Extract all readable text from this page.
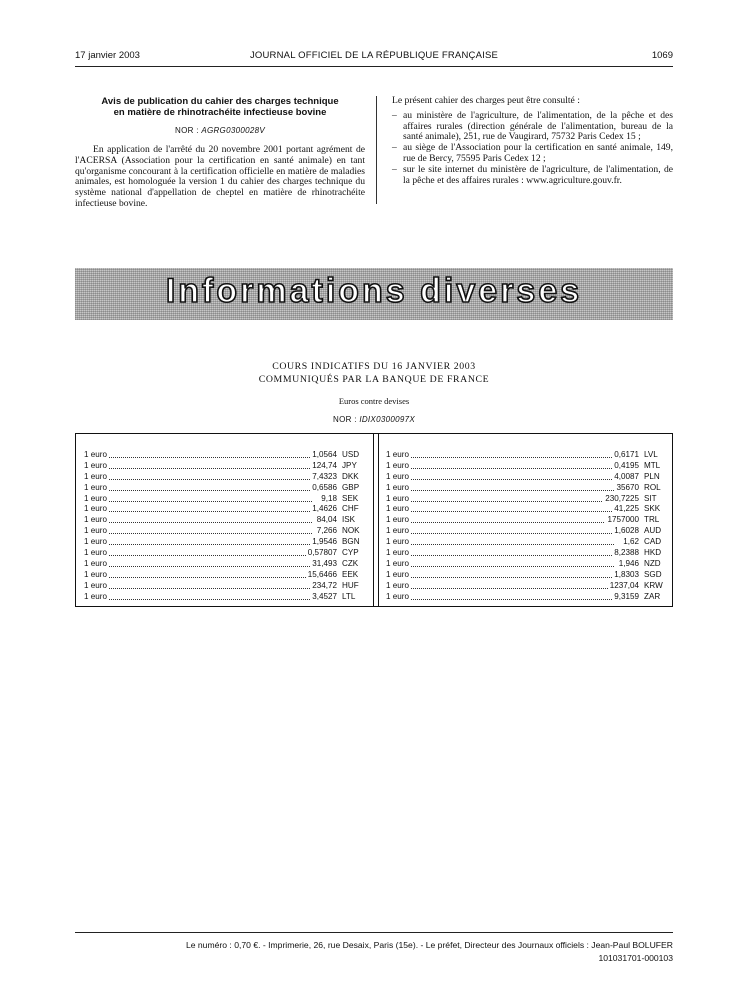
17 janvier 2003	JOURNAL OFFICIEL DE LA RÉPUBLIQUE FRANÇAISE	1069
Avis de publication du cahier des charges technique
en matière de rhinotrachéite infectieuse bovine
NOR : AGRG0300028V

En application de l'arrêté du 20 novembre 2001 portant agrément de l'ACERSA (Association pour la certification en santé animale) en tant qu'organisme concourant à la certification officielle en matière de maladies animales, est homologuée la version 1 du cahier des charges technique du système national d'appellation de cheptel en matière de rhinotrachéite infectieuse bovine.

Le présent cahier des charges peut être consulté :

– au ministère de l'agriculture, de l'alimentation, de la pêche et des affaires rurales (direction générale de l'alimentation, bureau de la santé animale), 251, rue de Vaugirard, 75732 Paris Cedex 15 ;
– au siège de l'Association pour la certification en santé animale, 149, rue de Bercy, 75595 Paris Cedex 12 ;
– sur le site internet du ministère de l'agriculture, de l'alimentation, de la pêche et des affaires rurales : www.agriculture.gouv.fr.
Informations diverses
COURS INDICATIFS DU 16 JANVIER 2003
COMMUNIQUÉS PAR LA BANQUE DE FRANCE
Euros contre devises
NOR : IDIX0300097X
1 euro	1,0564 USD
1 euro	124,74 JPY
1 euro	7,4323 DKK
1 euro	0,6586 GBP
1 euro	9,18 SEK
1 euro	1,4626 CHF
1 euro	84,04 ISK
1 euro	7,266 NOK
1 euro	1,9546 BGN
1 euro	0,57807 CYP
1 euro	31,493 CZK
1 euro	15,6466 EEK
1 euro	234,72 HUF
1 euro	3,4527 LTL
1 euro	0,6171 LVL
1 euro	0,4195 MTL
1 euro	4,0087 PLN
1 euro	35670 ROL
1 euro	230,7225 SIT
1 euro	41,225 SKK
1 euro	1757000 TRL
1 euro	1,6028 AUD
1 euro	1,62 CAD
1 euro	8,2388 HKD
1 euro	1,946 NZD
1 euro	1,8303 SGD
1 euro	1237,04 KRW
1 euro	9,3159 ZAR
Le numéro : 0,70 €. - Imprimerie, 26, rue Desaix, Paris (15e). - Le préfet, Directeur des Journaux officiels : Jean-Paul BOLUFER
101031701-000103
